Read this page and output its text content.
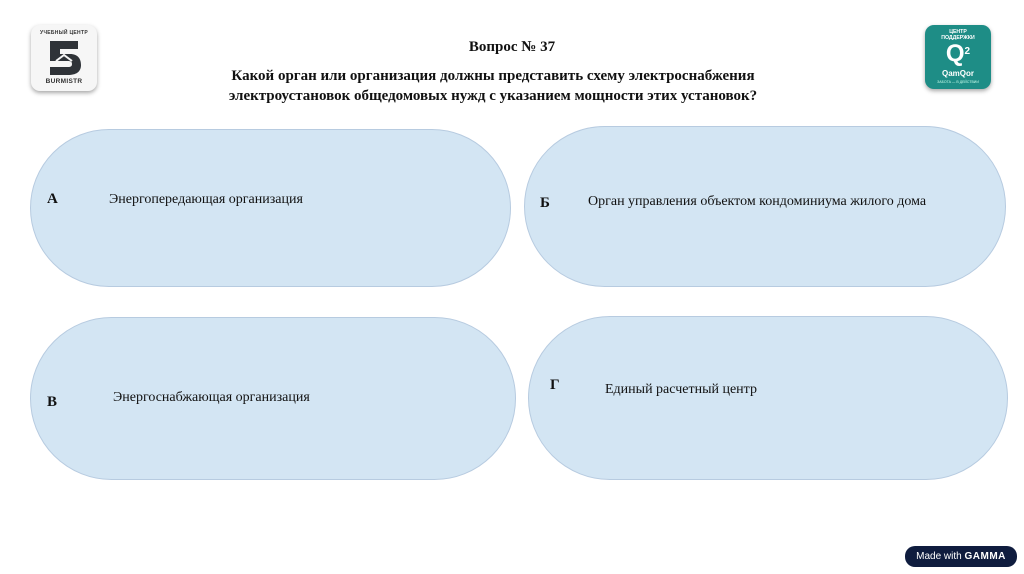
УЧЕБНЫЙ ЦЕНТР
BURMISTR
ЦЕНТР
ПОДДЕРЖКИ
$Q^2$
QamQor
ЗАБОТА — В ДЕЙСТВИИ
Вопрос № 37
Какой орган или организация должны представить схему электроснабжения
электроустановок общедомовых нужд с указанием мощности этих установок?
А	Энергопередающая организация	Б	Орган управления объектом кондоминиума жилого дома
В	Энергоснабжающая организация
Г	Единый расчетный центр
Made with GAMMA
